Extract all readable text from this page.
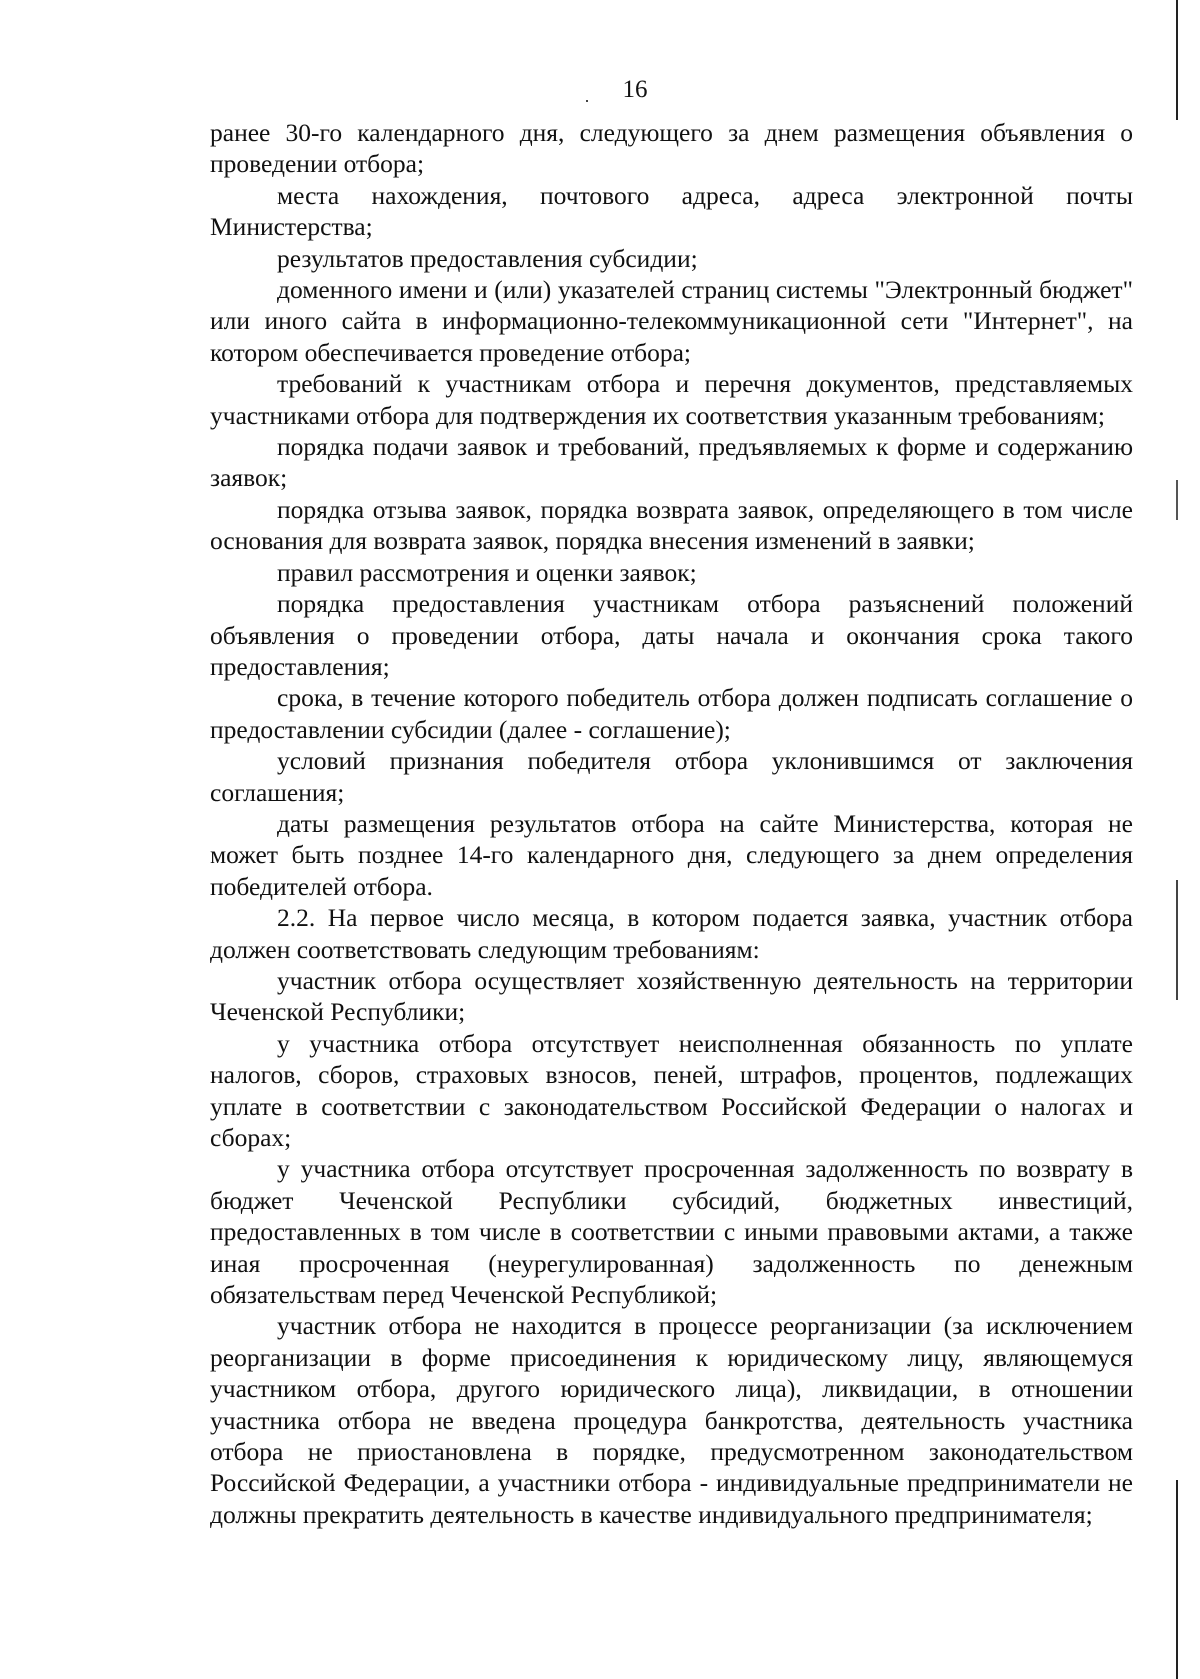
16

ранее 30-го календарного дня, следующего за днем размещения объявления о проведении отбора;

места нахождения, почтового адреса, адреса электронной почты Министерства;

результатов предоставления субсидии;

доменного имени и (или) указателей страниц системы "Электронный бюджет" или иного сайта в информационно-телекоммуникационной сети "Интернет", на котором обеспечивается проведение отбора;

требований к участникам отбора и перечня документов, представляемых участниками отбора для подтверждения их соответствия указанным требованиям;

порядка подачи заявок и требований, предъявляемых к форме и содержанию заявок;

порядка отзыва заявок, порядка возврата заявок, определяющего в том числе основания для возврата заявок, порядка внесения изменений в заявки;

правил рассмотрения и оценки заявок;

порядка предоставления участникам отбора разъяснений положений объявления о проведении отбора, даты начала и окончания срока такого предоставления;

срока, в течение которого победитель отбора должен подписать соглашение о предоставлении субсидии (далее - соглашение);

условий признания победителя отбора уклонившимся от заключения соглашения;

даты размещения результатов отбора на сайте Министерства, которая не может быть позднее 14-го календарного дня, следующего за днем определения победителей отбора.

2.2. На первое число месяца, в котором подается заявка, участник отбора должен соответствовать следующим требованиям:

участник отбора осуществляет хозяйственную деятельность на территории Чеченской Республики;

у участника отбора отсутствует неисполненная обязанность по уплате налогов, сборов, страховых взносов, пеней, штрафов, процентов, подлежащих уплате в соответствии с законодательством Российской Федерации о налогах и сборах;

у участника отбора отсутствует просроченная задолженность по возврату в бюджет Чеченской Республики субсидий, бюджетных инвестиций, предоставленных в том числе в соответствии с иными правовыми актами, а также иная просроченная (неурегулированная) задолженность по денежным обязательствам перед Чеченской Республикой;

участник отбора не находится в процессе реорганизации (за исключением реорганизации в форме присоединения к юридическому лицу, являющемуся участником отбора, другого юридического лица), ликвидации, в отношении участника отбора не введена процедура банкротства, деятельность участника отбора не приостановлена в порядке, предусмотренном законодательством Российской Федерации, а участники отбора - индивидуальные предприниматели не должны прекратить деятельность в качестве индивидуального предпринимателя;
